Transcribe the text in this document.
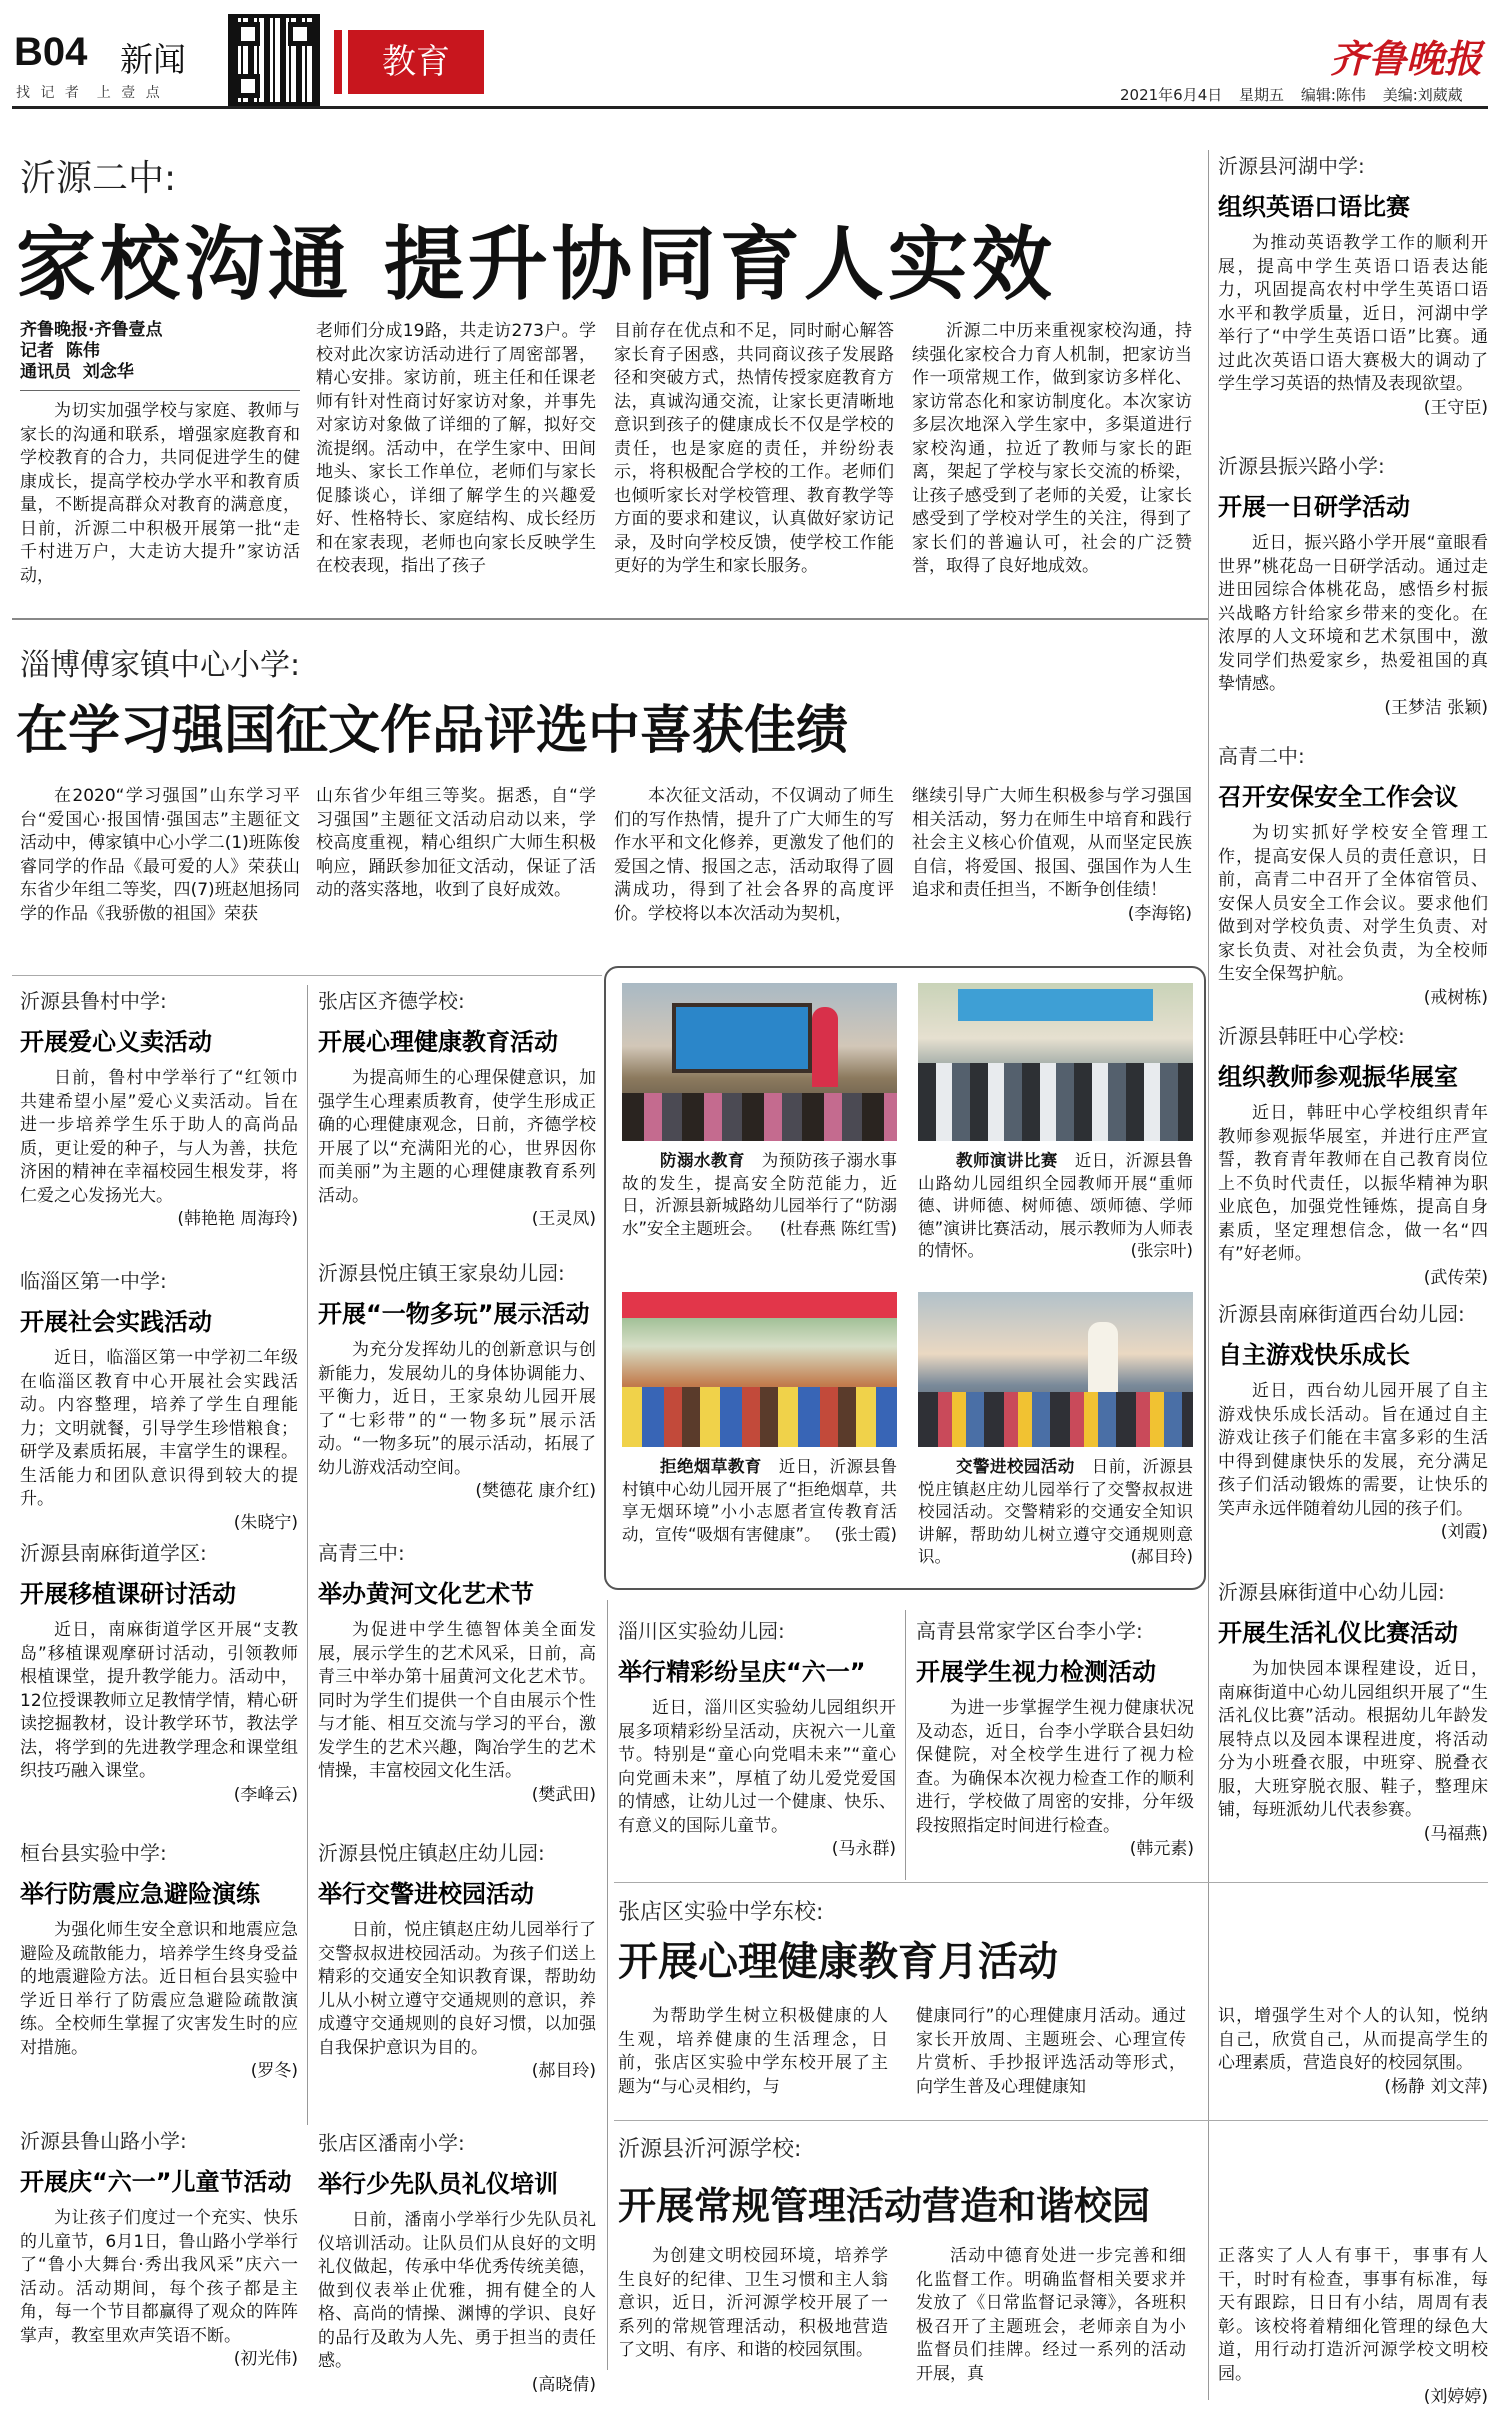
B04 新闻
找 记 者  上 壹 点
教育	齐鲁晚报
2021年6月4日 星期五 编辑:陈伟 美编:刘葳葳
沂源二中:
家校沟通 提升协同育人实效
齐鲁晚报·齐鲁壹点
记者  陈伟
通讯员  刘念华

为切实加强学校与家庭、教师与家长的沟通和联系，增强家庭教育和学校教育的合力，共同促进学生的健康成长，提高学校办学水平和教育质量，不断提高群众对教育的满意度，日前，沂源二中积极开展第一批“走千村进万户，大走访大提升”家访活动，

老师们分成19路，共走访273户。学校对此次家访活动进行了周密部署，精心安排。家访前，班主任和任课老师有针对性商讨好家访对象，并事先对家访对象做了详细的了解，拟好交流提纲。活动中，在学生家中、田间地头、家长工作单位，老师们与家长促膝谈心，详细了解学生的兴趣爱好、性格特长、家庭结构、成长经历和在家表现，老师也向家长反映学生在校表现，指出了孩子

目前存在优点和不足，同时耐心解答家长育子困惑，共同商议孩子发展路径和突破方式，热情传授家庭教育方法，真诚沟通交流，让家长更清晰地意识到孩子的健康成长不仅是学校的责任，也是家庭的责任，并纷纷表示，将积极配合学校的工作。老师们也倾听家长对学校管理、教育教学等方面的要求和建议，认真做好家访记录，及时向学校反馈，使学校工作能更好的为学生和家长服务。

沂源二中历来重视家校沟通，持续强化家校合力育人机制，把家访当作一项常规工作，做到家访多样化、家访常态化和家访制度化。本次家访多层次地深入学生家中，多渠道进行家校沟通，拉近了教师与家长的距离，架起了学校与家长交流的桥梁，让孩子感受到了老师的关爱，让家长感受到了学校对学生的关注，得到了家长们的普遍认可，社会的广泛赞誉，取得了良好地成效。

淄博傅家镇中心小学:
在学习强国征文作品评选中喜获佳绩

在2020“学习强国”山东学习平台“爱国心·报国情·强国志”主题征文活动中，傅家镇中心小学二(1)班陈俊睿同学的作品《最可爱的人》荣获山东省少年组二等奖，四(7)班赵旭扬同学的作品《我骄傲的祖国》荣获

山东省少年组三等奖。据悉，自“学习强国”主题征文活动启动以来，学校高度重视，精心组织广大师生积极响应，踊跃参加征文活动，保证了活动的落实落地，收到了良好成效。

本次征文活动，不仅调动了师生们的写作热情，提升了广大师生的写作水平和文化修养，更激发了他们的爱国之情、报国之志，活动取得了圆满成功，得到了社会各界的高度评价。学校将以本次活动为契机，

继续引导广大师生积极参与学习强国相关活动，努力在师生中培育和践行社会主义核心价值观，从而坚定民族自信，将爱国、报国、强国作为人生追求和责任担当，不断争创佳绩！

(李海铭)

防溺水教育　 为预防孩子溺水事故的发生，提高安全防范能力，近日，沂源县新城路幼儿园举行了“防溺水”安全主题班会。 (杜春燕 陈红雪)
教师演讲比赛　 近日，沂源县鲁山路幼儿园组织全园教师开展“重师德、讲师德、树师德、颂师德、学师德”演讲比赛活动，展示教师为人师表的情怀。	(张宗叶)
拒绝烟草教育　 近日，沂源县鲁村镇中心幼儿园开展了“拒绝烟草，共享无烟环境”小小志愿者宣传教育活动，宣传“吸烟有害健康”。 (张士霞)
交警进校园活动　 日前，沂源县悦庄镇赵庄幼儿园举行了交警叔叔进校园活动。交警精彩的交通安全知识讲解，帮助幼儿树立遵守交通规则意识。	(郝目玲)
沂源县鲁村中学:
开展爱心义卖活动

日前，鲁村中学举行了“红领巾共建希望小屋”爱心义卖活动。旨在进一步培养学生乐于助人的高尚品质，更让爱的种子，与人为善，扶危济困的精神在幸福校园生根发芽，将仁爱之心发扬光大。

(韩艳艳 周海玲)

临淄区第一中学:
开展社会实践活动

近日，临淄区第一中学初二年级在临淄区教育中心开展社会实践活动。内容整理，培养了学生自理能力；文明就餐，引导学生珍惜粮食；研学及素质拓展，丰富学生的课程。生活能力和团队意识得到较大的提升。

(朱晓宁)

沂源县南麻街道学区:
开展移植课研讨活动

近日，南麻街道学区开展“支教岛”移植课观摩研讨活动，引领教师根植课堂，提升教学能力。活动中，12位授课教师立足教情学情，精心研读挖掘教材，设计教学环节，教法学法，将学到的先进教学理念和课堂组织技巧融入课堂。

(李峰云)

桓台县实验中学:
举行防震应急避险演练

为强化师生安全意识和地震应急避险及疏散能力，培养学生终身受益的地震避险方法。近日桓台县实验中学近日举行了防震应急避险疏散演练。全校师生掌握了灾害发生时的应对措施。

(罗冬)

沂源县鲁山路小学:
开展庆“六一”儿童节活动

为让孩子们度过一个充实、快乐的儿童节，6月1日，鲁山路小学举行了“鲁小大舞台·秀出我风采”庆六一活动。活动期间，每个孩子都是主角，每一个节目都赢得了观众的阵阵掌声，教室里欢声笑语不断。

(初光伟)

张店区齐德学校:
开展心理健康教育活动

为提高师生的心理保健意识，加强学生心理素质教育，使学生形成正确的心理健康观念，日前，齐德学校开展了以“充满阳光的心，世界因你而美丽”为主题的心理健康教育系列活动。

(王灵凤)

沂源县悦庄镇王家泉幼儿园:
开展“一物多玩”展示活动

为充分发挥幼儿的创新意识与创新能力，发展幼儿的身体协调能力、平衡力，近日，王家泉幼儿园开展了“七彩带”的“一物多玩”展示活动。“一物多玩”的展示活动，拓展了幼儿游戏活动空间。

(樊德花 康介红)

高青三中:
举办黄河文化艺术节

为促进中学生德智体美全面发展，展示学生的艺术风采，日前，高青三中举办第十届黄河文化艺术节。同时为学生们提供一个自由展示个性与才能、相互交流与学习的平台，激发学生的艺术兴趣，陶冶学生的艺术情操，丰富校园文化生活。

(樊武田)

沂源县悦庄镇赵庄幼儿园:
举行交警进校园活动

日前，悦庄镇赵庄幼儿园举行了交警叔叔进校园活动。为孩子们送上精彩的交通安全知识教育课，帮助幼儿从小树立遵守交通规则的意识，养成遵守交通规则的良好习惯，以加强自我保护意识为目的。

(郝目玲)

张店区潘南小学:
举行少先队员礼仪培训

日前，潘南小学举行少先队员礼仪培训活动。让队员们从良好的文明礼仪做起，传承中华优秀传统美德，做到仪表举止优雅，拥有健全的人格、高尚的情操、渊博的学识、良好的品行及敢为人先、勇于担当的责任感。

(高晓倩)

淄川区实验幼儿园:
举行精彩纷呈庆“六一”

近日，淄川区实验幼儿园组织开展多项精彩纷呈活动，庆祝六一儿童节。特别是“童心向党唱未来”“童心向党画未来”，厚植了幼儿爱党爱国的情感，让幼儿过一个健康、快乐、有意义的国际儿童节。

(马永群)

高青县常家学区台李小学:
开展学生视力检测活动

为进一步掌握学生视力健康状况及动态，近日，台李小学联合县妇幼保健院，对全校学生进行了视力检查。为确保本次视力检查工作的顺利进行，学校做了周密的安排，分年级段按照指定时间进行检查。

(韩元素)

张店区实验中学东校:
开展心理健康教育月活动

为帮助学生树立积极健康的人生观，培养健康的生活理念，日前，张店区实验中学东校开展了主题为“与心灵相约，与

健康同行”的心理健康月活动。通过家长开放周、主题班会、心理宣传片赏析、手抄报评选活动等形式，向学生普及心理健康知

识，增强学生对个人的认知，悦纳自己，欣赏自己，从而提高学生的心理素质，营造良好的校园氛围。

(杨静 刘文萍)

沂源县沂河源学校:
开展常规管理活动营造和谐校园

为创建文明校园环境，培养学生良好的纪律、卫生习惯和主人翁意识，近日，沂河源学校开展了一系列的常规管理活动，积极地营造了文明、有序、和谐的校园氛围。

活动中德育处进一步完善和细化监督工作。明确监督相关要求并发放了《日常监督记录簿》，各班积极召开了主题班会，老师亲自为小监督员们挂牌。经过一系列的活动开展，真

正落实了人人有事干，事事有人干，时时有检查，事事有标准，每天有跟踪，日日有小结，周周有表彰。该校将着精细化管理的绿色大道，用行动打造沂河源学校文明校园。

(刘婷婷)

沂源县河湖中学:
组织英语口语比赛

为推动英语教学工作的顺利开展，提高中学生英语口语表达能力，巩固提高农村中学生英语口语水平和教学质量，近日，河湖中学举行了“中学生英语口语”比赛。通过此次英语口语大赛极大的调动了学生学习英语的热情及表现欲望。

(王守臣)

沂源县振兴路小学:
开展一日研学活动

近日，振兴路小学开展“童眼看世界”桃花岛一日研学活动。通过走进田园综合体桃花岛，感悟乡村振兴战略方针给家乡带来的变化。在浓厚的人文环境和艺术氛围中，激发同学们热爱家乡，热爱祖国的真挚情感。

(王梦洁 张颖)

高青二中:
召开安保安全工作会议

为切实抓好学校安全管理工作，提高安保人员的责任意识，日前，高青二中召开了全体宿管员、安保人员安全工作会议。要求他们做到对学校负责、对学生负责、对家长负责、对社会负责，为全校师生安全保驾护航。

(戒树栋)

沂源县韩旺中心学校:
组织教师参观振华展室

近日，韩旺中心学校组织青年教师参观振华展室，并进行庄严宣誓，教育青年教师在自己教育岗位上不负时代责任，以振华精神为职业底色，加强党性锤炼，提高自身素质，坚定理想信念，做一名“四有”好老师。

(武传荣)

沂源县南麻街道西台幼儿园:
自主游戏快乐成长

近日，西台幼儿园开展了自主游戏快乐成长活动。旨在通过自主游戏让孩子们能在丰富多彩的生活中得到健康快乐的发展，充分满足孩子们活动锻炼的需要，让快乐的笑声永远伴随着幼儿园的孩子们。

(刘霞)

沂源县麻街道中心幼儿园:
开展生活礼仪比赛活动

为加快园本课程建设，近日，南麻街道中心幼儿园组织开展了“生活礼仪比赛”活动。根据幼儿年龄发展特点以及园本课程进度，将活动分为小班叠衣服，中班穿、脱叠衣服，大班穿脱衣服、鞋子，整理床铺，每班派幼儿代表参赛。

(马福燕)
